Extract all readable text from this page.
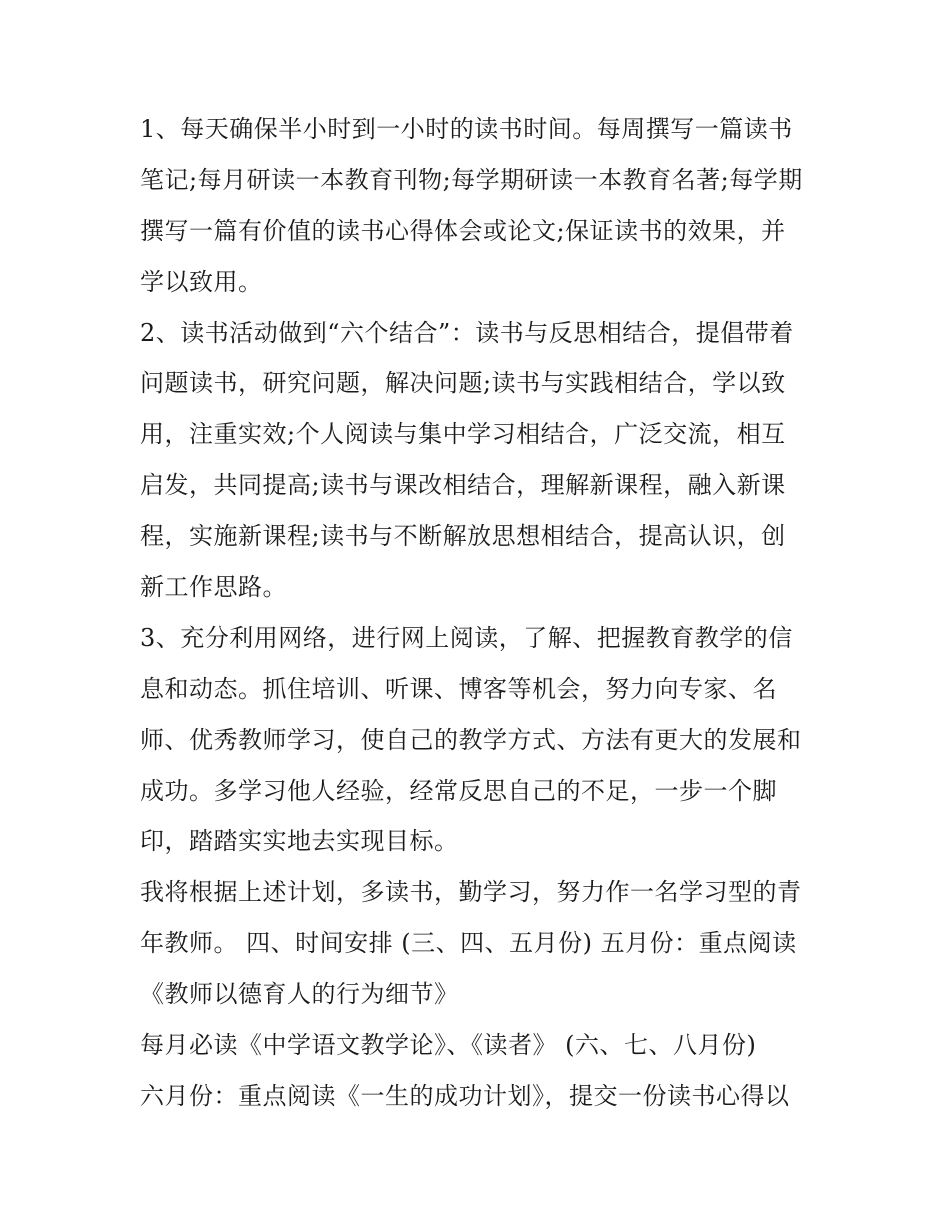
1、每天确保半小时到一小时的读书时间。每周撰写一篇读书
笔记;每月研读一本教育刊物;每学期研读一本教育名著;每学期
撰写一篇有价值的读书心得体会或论文;保证读书的效果，并
学以致用。
2、读书活动做到“六个结合”：读书与反思相结合，提倡带着
问题读书，研究问题，解决问题;读书与实践相结合，学以致
用，注重实效;个人阅读与集中学习相结合，广泛交流，相互
启发，共同提高;读书与课改相结合，理解新课程，融入新课
程，实施新课程;读书与不断解放思想相结合，提高认识，创
新工作思路。
3、充分利用网络，进行网上阅读，了解、把握教育教学的信
息和动态。抓住培训、听课、博客等机会，努力向专家、名
师、优秀教师学习，使自己的教学方式、方法有更大的发展和
成功。多学习他人经验，经常反思自己的不足，一步一个脚
印，踏踏实实地去实现目标。
我将根据上述计划，多读书，勤学习，努力作一名学习型的青
年教师。 四、时间安排 (三、四、五月份) 五月份：重点阅读
《教师以德育人的行为细节》
每月必读《中学语文教学论》、《读者》 (六、七、八月份)
六月份：重点阅读《一生的成功计划》，提交一份读书心得以
